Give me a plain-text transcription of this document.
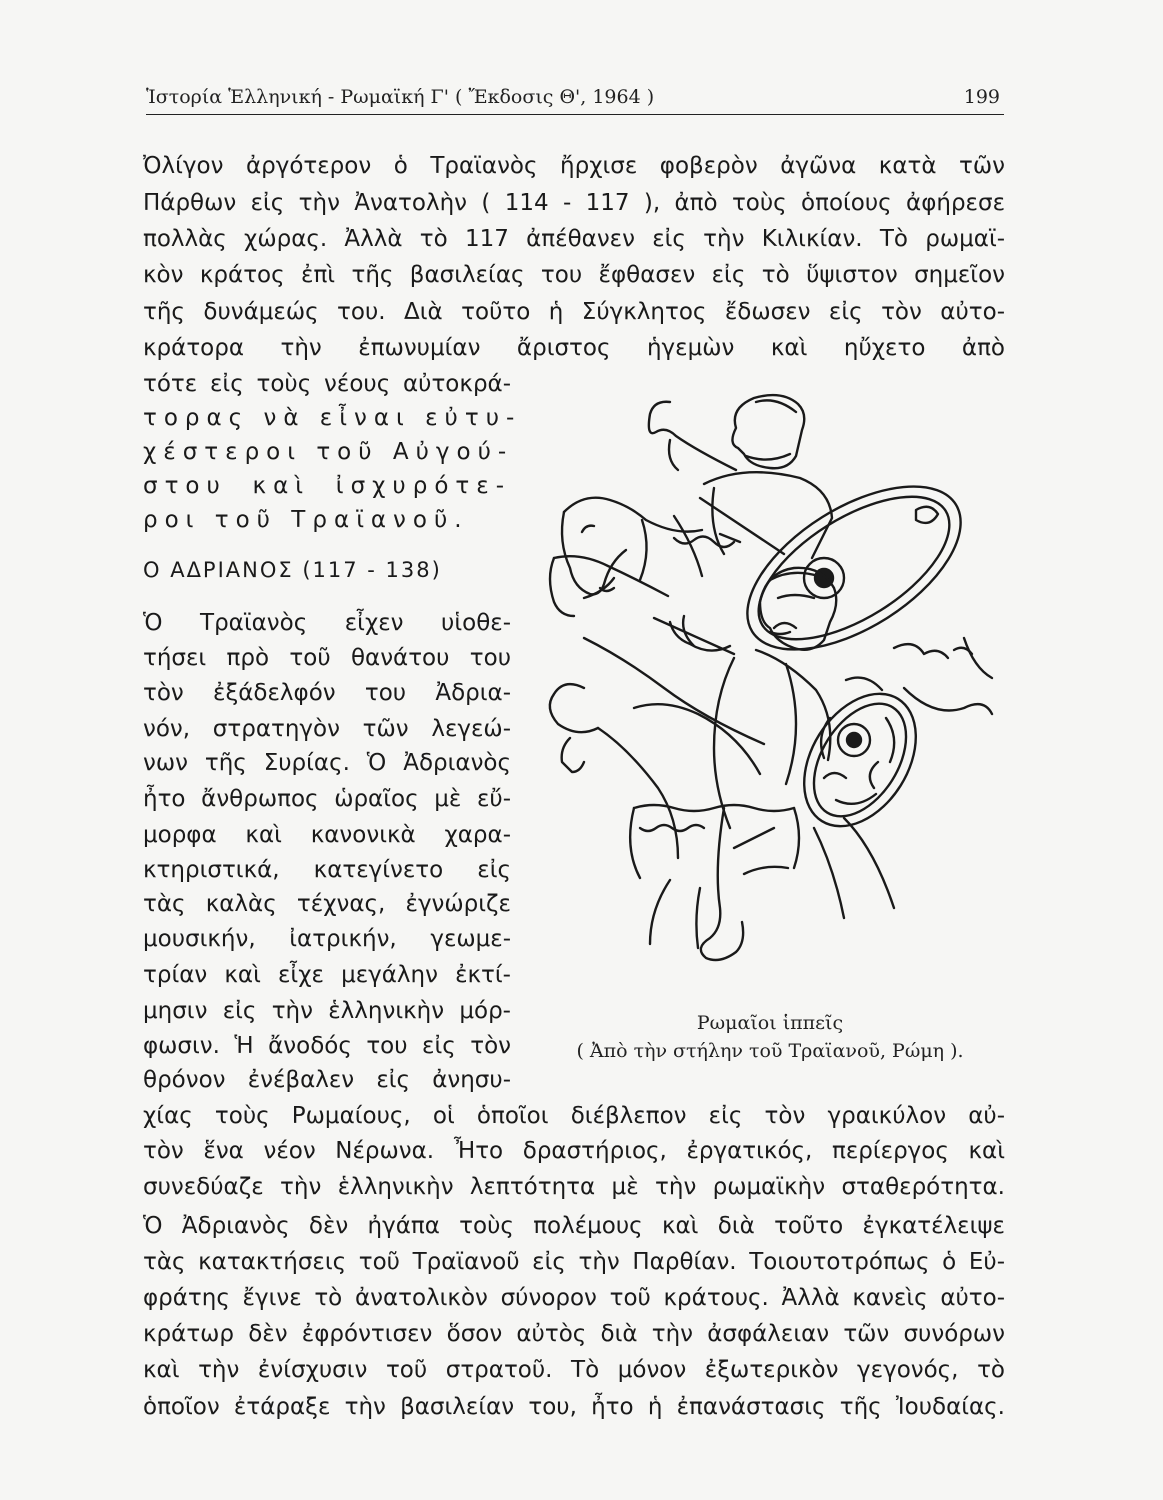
Ἱστορία Ἑλληνική - Ρωμαϊκή Γ' ( Ἔκδοσις Θ', 1964 )	199
Ὀλίγον ἀργότερον ὁ Τραϊανὸς ἤρχισε φοβερὸν ἀγῶνα κατὰ τῶν
Πάρθων εἰς τὴν Ἀνατολὴν ( 114 - 117 ), ἀπὸ τοὺς ὁποίους ἀφήρεσε
πολλὰς χώρας. Ἀλλὰ τὸ 117 ἀπέθανεν εἰς τὴν Κιλικίαν. Τὸ ρωμαϊ-
κὸν κράτος ἐπὶ τῆς βασιλείας του ἔφθασεν εἰς τὸ ὕψιστον σημεῖον
τῆς δυνάμεώς του. Διὰ τοῦτο ἡ Σύγκλητος ἔδωσεν εἰς τὸν αὐτο-
κράτορα τὴν ἐπωνυμίαν ἄριστος ἡγεμὼν καὶ ηὔχετο ἀπὸ
τότε εἰς τοὺς νέους αὐτοκρά-
τορας νὰ εἶναι εὐτυ-
χέστεροι τοῦ Αὐγού-
στου καὶ ἰσχυρότε-
ροι τοῦ Τραϊανοῦ.
Ο ΑΔΡΙΑΝΟΣ (117 - 138)
Ὁ Τραϊανὸς εἶχεν υἱοθε-
τήσει πρὸ τοῦ θανάτου του
τὸν ἐξάδελφόν του Ἀδρια-
νόν, στρατηγὸν τῶν λεγεώ-
νων τῆς Συρίας. Ὁ Ἀδριανὸς
ἦτο ἄνθρωπος ὡραῖος μὲ εὔ-
μορφα καὶ κανονικὰ χαρα-
κτηριστικά, κατεγίνετο εἰς
τὰς καλὰς τέχνας, ἐγνώριζε
μουσικήν, ἰατρικήν, γεωμε-
τρίαν καὶ εἶχε μεγάλην ἐκτί-
μησιν εἰς τὴν ἑλληνικὴν μόρ-
φωσιν. Ἡ ἄνοδός του εἰς τὸν
θρόνον ἐνέβαλεν εἰς ἀνησυ-
χίας τοὺς Ρωμαίους, οἱ ὁποῖοι διέβλεπον εἰς τὸν γραικύλον αὐ-
τὸν ἕνα νέον Νέρωνα. Ἦτο δραστήριος, ἐργατικός, περίεργος καὶ
συνεδύαζε τὴν ἑλληνικὴν λεπτότητα μὲ τὴν ρωμαϊκὴν σταθερότητα.
Ὁ Ἀδριανὸς δὲν ἠγάπα τοὺς πολέμους καὶ διὰ τοῦτο ἐγκατέλειψε
τὰς κατακτήσεις τοῦ Τραϊανοῦ εἰς τὴν Παρθίαν. Τοιουτοτρόπως ὁ Εὐ-
φράτης ἔγινε τὸ ἀνατολικὸν σύνορον τοῦ κράτους. Ἀλλὰ κανεὶς αὐτο-
κράτωρ δὲν ἐφρόντισεν ὅσον αὐτὸς διὰ τὴν ἀσφάλειαν τῶν συνόρων
καὶ τὴν ἐνίσχυσιν τοῦ στρατοῦ. Τὸ μόνον ἐξωτερικὸν γεγονός, τὸ
ὁποῖον ἐτάραξε τὴν βασιλείαν του, ἦτο ἡ ἐπανάστασις τῆς Ἰουδαίας.
Ρωμαῖοι ἱππεῖς
( Ἀπὸ τὴν στήλην τοῦ Τραϊανοῦ, Ρώμη ).
